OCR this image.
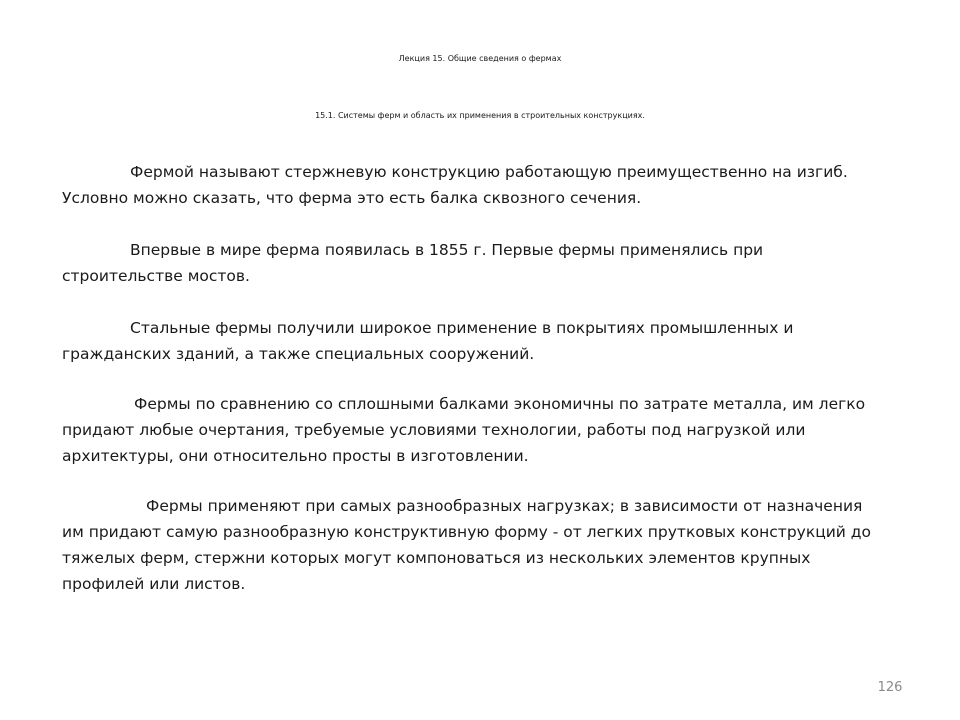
Лекция 15. Общие сведения о фермах
15.1. Системы ферм и область их применения в строительных конструкциях.
Фермой называют стержневую конструкцию работающую преимущественно на изгиб.
Условно можно сказать, что ферма это есть балка сквозного сечения.
Впервые в мире ферма появилась в 1855 г. Первые фермы применялись при
строительстве мостов.
Стальные фермы получили широкое применение в покрытиях промышленных и
гражданских зданий, а также специальных сооружений.
Фермы по сравнению со сплошными балками экономичны по затрате металла, им легко
придают любые очертания, требуемые условиями технологии, работы под нагрузкой или
архитектуры, они относительно просты в изготовлении.
Фермы применяют при самых разнообразных нагрузках; в зависимости от назначения
им придают самую разнообразную конструктивную форму - от легких прутковых конструкций до
тяжелых ферм, стержни которых могут компоноваться из нескольких элементов крупных
профилей или листов.
126
